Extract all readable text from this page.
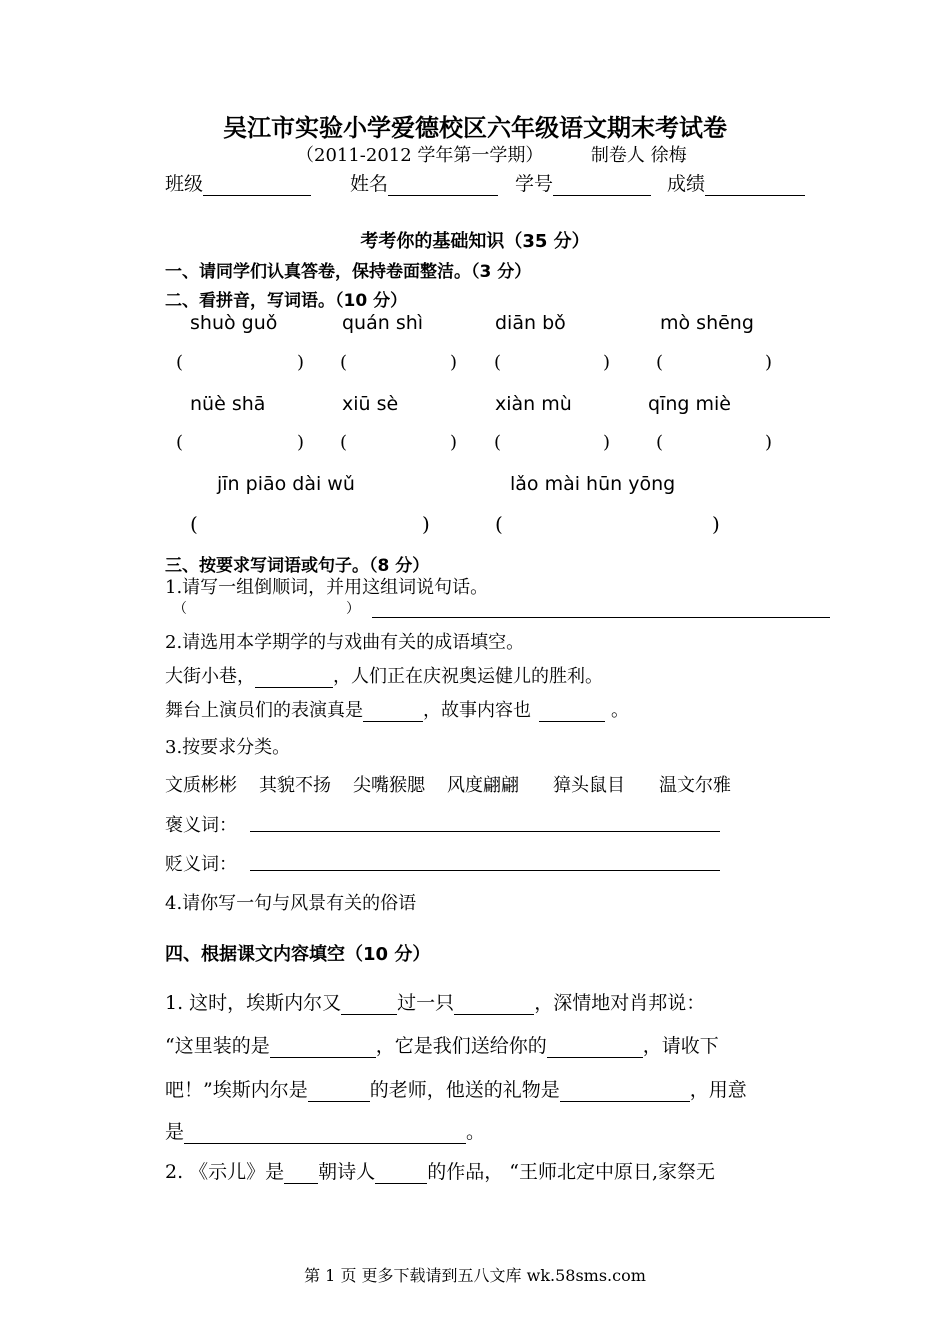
吴江市实验小学爱德校区六年级语文期末考试卷
（2011-2012 学年第一学期）	制卷人 徐梅
班级	姓名	学号	成绩
考考你的基础知识（35 分）
一、请同学们认真答卷，保持卷面整洁。（3 分）
二、看拼音，写词语。（10 分）
shuò guǒ	quán shì	diān bǒ	mò shēng
(	) (	) (	)	(	)
nüè shā	xiū sè	xiàn mù	qīng miè
(	) (	) (	)	(	)
jīn piāo dài wǔ	lǎo mài hūn yōng
(	)	(	)
三、按要求写词语或句子。（8 分）
1.请写一组倒顺词，并用这组词说句话。
（	）
2.请选用本学期学的与戏曲有关的成语填空。
大街小巷，	，人们正在庆祝奥运健儿的胜利。
舞台上演员们的表演真是	，故事内容也	。
3.按要求分类。
文质彬彬 其貌不扬 尖嘴猴腮 风度翩翩 獐头鼠目 温文尔雅
褒义词：
贬义词：
4.请你写一句与风景有关的俗语
四、根据课文内容填空（10 分）
1. 这时，埃斯内尔又	过一只	，深情地对肖邦说：
“这里装的是	，它是我们送给你的	，请收下
吧！”埃斯内尔是	的老师，他送的礼物是	，用意
是	。
2. 《示儿》是 朝诗人	的作品， “王师北定中原日,家祭无
第 1 页 更多下载请到五八文库 wk.58sms.com
